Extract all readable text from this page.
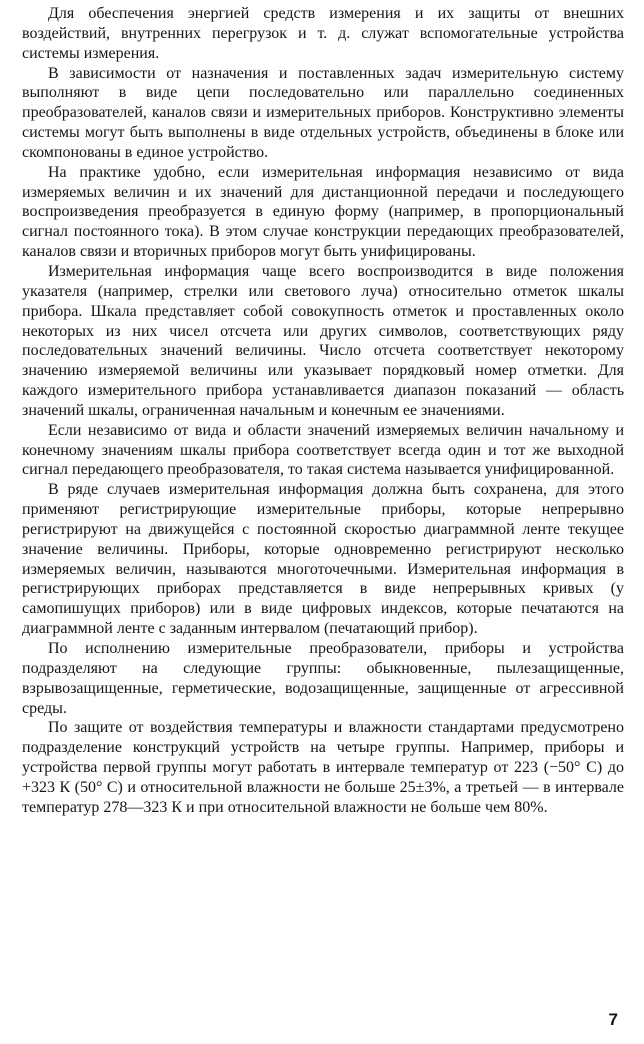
Для обеспечения энергией средств измерения и их защиты от внешних воздействий, внутренних перегрузок и т. д. служат вспомогательные устройства системы измерения.

В зависимости от назначения и поставленных задач измерительную систему выполняют в виде цепи последовательно или параллельно соединенных преобразователей, каналов связи и измерительных приборов. Конструктивно элементы системы могут быть выполнены в виде отдельных устройств, объединены в блоке или скомпонованы в единое устройство.

На практике удобно, если измерительная информация независимо от вида измеряемых величин и их значений для дистанционной передачи и последующего воспроизведения преобразуется в единую форму (например, в пропорциональный сигнал постоянного тока). В этом случае конструкции передающих преобразователей, каналов связи и вторичных приборов могут быть унифицированы.

Измерительная информация чаще всего воспроизводится в виде положения указателя (например, стрелки или светового луча) относительно отметок шкалы прибора. Шкала представляет собой совокупность отметок и проставленных около некоторых из них чисел отсчета или других символов, соответствующих ряду последовательных значений величины. Число отсчета соответствует некоторому значению измеряемой величины или указывает порядковый номер отметки. Для каждого измерительного прибора устанавливается диапазон показаний — область значений шкалы, ограниченная начальным и конечным ее значениями.

Если независимо от вида и области значений измеряемых величин начальному и конечному значениям шкалы прибора соответствует всегда один и тот же выходной сигнал передающего преобразователя, то такая система называется унифицированной.

В ряде случаев измерительная информация должна быть сохранена, для этого применяют регистрирующие измерительные приборы, которые непрерывно регистрируют на движущейся с постоянной скоростью диаграммной ленте текущее значение величины. Приборы, которые одновременно регистрируют несколько измеряемых величин, называются многоточечными. Измерительная информация в регистрирующих приборах представляется в виде непрерывных кривых (у самопишущих приборов) или в виде цифровых индексов, которые печатаются на диаграммной ленте с заданным интервалом (печатающий прибор).

По исполнению измерительные преобразователи, приборы и устройства подразделяют на следующие группы: обыкновенные, пылезащищенные, взрывозащищенные, герметические, водозащищенные, защищенные от агрессивной среды.

По защите от воздействия температуры и влажности стандартами предусмотрено подразделение конструкций устройств на четыре группы. Например, приборы и устройства первой группы могут работать в интервале температур от 223 (−50° С) до +323 К (50° С) и относительной влажности не больше 25±3%, а третьей — в интервале температур 278—323 К и при относительной влажности не больше чем 80%.

7
